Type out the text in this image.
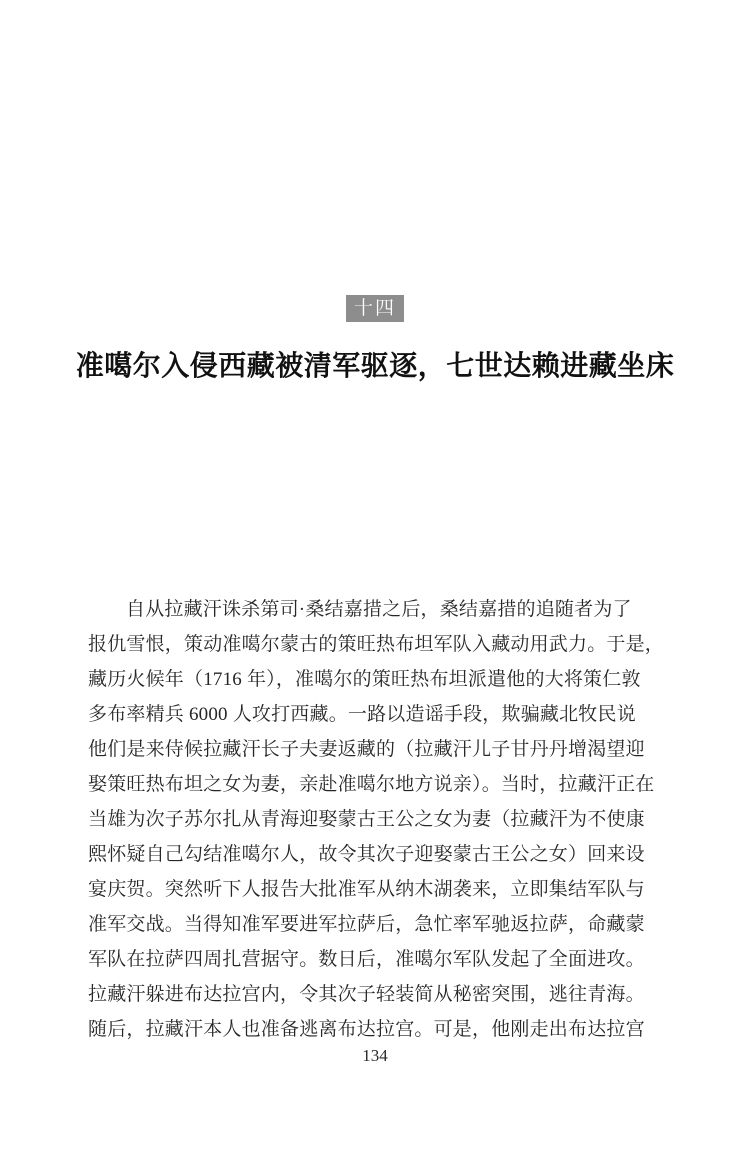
十四
准噶尔入侵西藏被清军驱逐，七世达赖进藏坐床
自从拉藏汗诛杀第司·桑结嘉措之后，桑结嘉措的追随者为了
报仇雪恨，策动准噶尔蒙古的策旺热布坦军队入藏动用武力。于是，
藏历火候年（1716 年），准噶尔的策旺热布坦派遣他的大将策仁敦
多布率精兵 6000 人攻打西藏。一路以造谣手段，欺骗藏北牧民说
他们是来侍候拉藏汗长子夫妻返藏的（拉藏汗儿子甘丹丹增渴望迎
娶策旺热布坦之女为妻，亲赴准噶尔地方说亲）。当时，拉藏汗正在
当雄为次子苏尔扎从青海迎娶蒙古王公之女为妻（拉藏汗为不使康
熙怀疑自己勾结准噶尔人，故令其次子迎娶蒙古王公之女）回来设
宴庆贺。突然听下人报告大批准军从纳木湖袭来，立即集结军队与
准军交战。当得知准军要进军拉萨后，急忙率军驰返拉萨，命藏蒙
军队在拉萨四周扎营据守。数日后，准噶尔军队发起了全面进攻。
拉藏汗躲进布达拉宫内，令其次子轻装简从秘密突围，逃往青海。
随后，拉藏汗本人也准备逃离布达拉宫。可是，他刚走出布达拉宫
134
